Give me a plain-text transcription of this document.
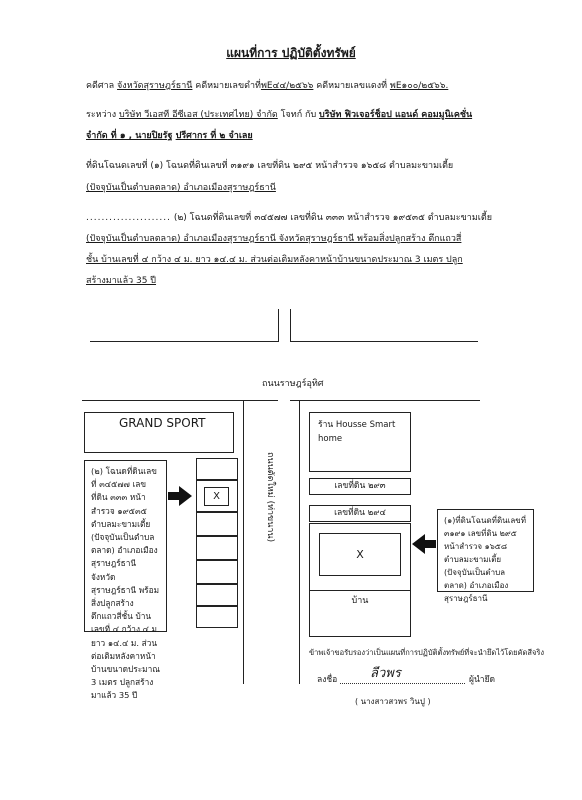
แผนที่การ ปฏิบัติตั้งทรัพย์
คดีศาล จังหวัดสุราษฎร์ธานี คดีหมายเลขดำที่พE๔๔/๒๕๖๖ คดีหมายเลขแดงที่ พE๑๐๐/๒๕๖๖.
ระหว่าง บริษัท วีเอสที อีซีเอส (ประเทศไทย) จำกัด โจทก์ กับ บริษัท ฟิวเจอร์ช็อป แอนด์ คอมมูนิเคชั่น
จำกัด ที่ ๑ , นายปิยรัฐ ปรีศากร ที่ ๒ จำเลย
ที่ดินโฉนดเลขที่ (๑) โฉนดที่ดินเลขที่ ๓๑๙๑ เลขที่ดิน ๒๙๕ หน้าสำรวจ ๑๖๕๘ ตำบลมะขามเตี้ย
(ปัจจุบันเป็นตำบลตลาด) อำเภอเมืองสุราษฎร์ธานี
...................... (๒) โฉนดที่ดินเลขที่ ๓๔๕๗๗ เลขที่ดิน ๓๓๓ หน้าสำรวจ ๑๙๕๓๕ ตำบลมะขามเตี้ย
(ปัจจุบันเป็นตำบลตลาด) อำเภอเมืองสุราษฎร์ธานี จังหวัดสุราษฎร์ธานี พร้อมสิ่งปลูกสร้าง ตึกแถวสี่
ชั้น บ้านเลขที่ ๔ กว้าง ๔ ม. ยาว ๑๔.๔ ม. ส่วนต่อเติมหลังคาหน้าบ้านขนาดประมาณ 3 เมตร ปลูก
สร้างมาแล้ว 35 ปี
ถนนราษฎร์อุทิศ
ถนนตัดใหม่ (ท่าขนาน)
GRAND SPORT
X
(๒) โฉนดที่ดินเลขที่ ๓๔๕๗๗ เลขที่ดิน ๓๓๓ หน้าสำรวจ ๑๙๕๓๕ ตำบลมะขามเตี้ย (ปัจจุบันเป็นตำบลตลาด) อำเภอเมืองสุราษฎร์ธานี จังหวัดสุราษฎร์ธานี พร้อมสิ่งปลูกสร้าง ตึกแถวสี่ชั้น บ้านเลขที่ ๔ กว้าง ๔ ม. ยาว ๑๔.๔ ม. ส่วนต่อเติมหลังคาหน้าบ้านขนาดประมาณ 3 เมตร ปลูกสร้างมาแล้ว 35 ปี
ร้าน Housse Smart home
เลขที่ดิน ๒๙๓
เลขที่ดิน ๒๙๔
X
บ้าน
(๑)ที่ดินโฉนดที่ดินเลขที่ ๓๑๙๑ เลขที่ดิน ๒๙๕ หน้าสำรวจ ๑๖๕๘ ตำบลมะขามเตี้ย (ปัจจุบันเป็นตำบลตลาด) อำเภอเมืองสุราษฎร์ธานี
ข้าพเจ้าขอรับรองว่าเป็นแผนที่การปฏิบัติตั้งทรัพย์ที่จะนำยึดไว้โดยคัดสีจริง
ลงชื่อ	ลีวพร	ผู้นำยึด
( นางสาวสวพร วินปู )
